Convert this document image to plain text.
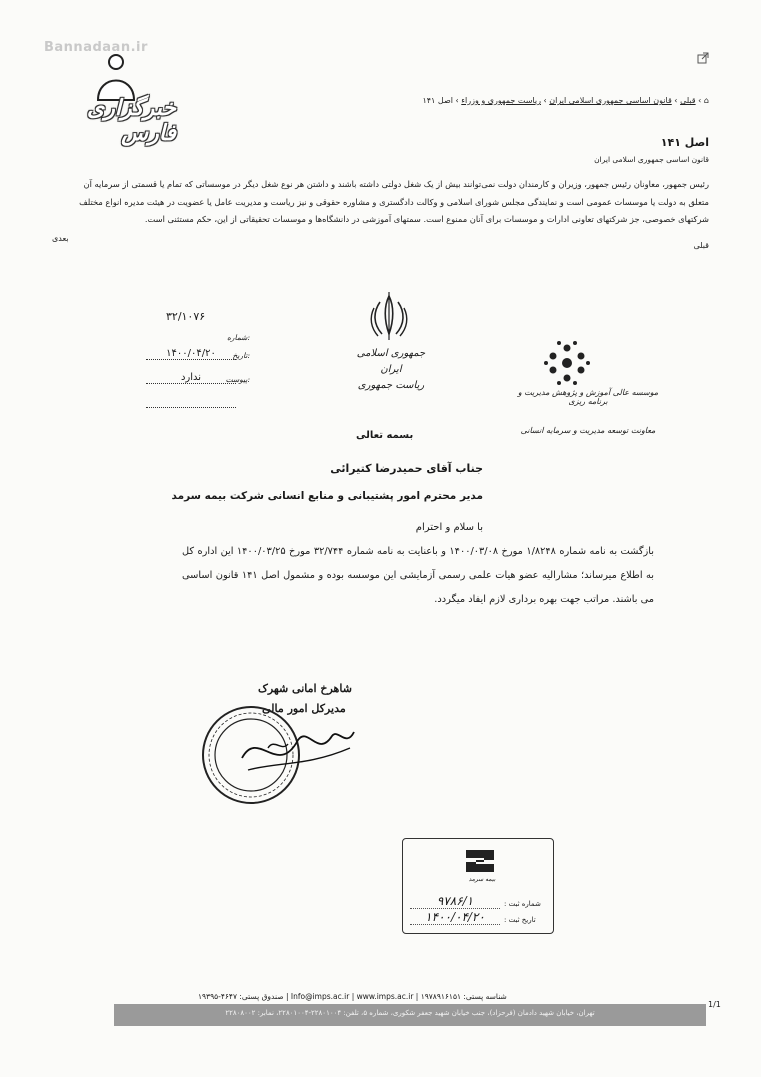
Bannadaan.ir
خبرگزاری فارس
⌂ › قبلی › قانون اساسی جمهوری اسلامی ایران › ریاست جمهوری و وزراء › اصل ۱۴۱
اصل ۱۴۱
قانون اساسی جمهوری اسلامی ایران
رئیس جمهور، معاونان رئیس جمهور، وزیران و کارمندان دولت نمی‌توانند بیش از یک شغل دولتی داشته باشند و داشتن هر نوع شغل دیگر در موسساتی که تمام یا قسمتی از سرمایه آن متعلق به دولت یا موسسات عمومی است و نمایندگی مجلس شورای اسلامی و وکالت دادگستری و مشاوره حقوقی و نیز ریاست و مدیریت عامل یا عضویت در هیئت مدیره انواع مختلف شرکتهای خصوصی، جز شرکتهای تعاونی ادارات و موسسات برای آنان ممنوع است. سمتهای آموزشی در دانشگاه‌ها و موسسات تحقیقاتی از این، حکم مستثنی است.
بعدی
قبلی
جمهوری اسلامی ایران
ریاست جمهوری
موسسه عالی آموزش و پژوهش مدیریت و برنامه ریزی
معاونت توسعه مدیریت و سرمایه انسانی
بسمه تعالی
۳۲/۱۰۷۶
شماره:
۱۴۰۰/۰۴/۲۰	تاریخ:
ندارد	پیوست:
جناب آقای حمیدرضا کتیرائی
مدیر محترم امور پشتیبانی و منابع انسانی شرکت بیمه سرمد
با سلام و احترام
بازگشت به نامه شماره ۱/۸۲۴۸ مورخ ۱۴۰۰/۰۳/۰۸ و باعنایت به نامه شماره ۳۲/۷۴۴ مورخ ۱۴۰۰/۰۳/۲۵ این اداره کل به اطلاع میرساند؛ مشارالیه عضو هیات علمی رسمی آزمایشی این موسسه بوده و مشمول اصل ۱۴۱ قانون اساسی می باشند. مراتب جهت بهره برداری لازم ایفاد میگردد.
شاهرخ امانی شهرک
مدیرکل امور مالی
بیمه سرمد
شماره ثبت :
تاریخ ثبت :
۹۷۸۶/۱
۱۴۰۰/۰۴/۲۰
شناسه پستی: ۱۹۷۸۹۱۶۱۵۱ | Info@imps.ac.ir | www.imps.ac.ir | صندوق پستی: ۴۶۴۷-۱۹۳۹۵
تهران، خیابان شهید دادمان (فرحزاد)، جنب خیابان شهید جعفر شکوری، شماره ۵، تلفن: ۲۲۸۰۱۰۰۴-۲۲۸۰۱۰۰۴، نمابر: ۲۲۸۰۸۰۰۲
1/1
